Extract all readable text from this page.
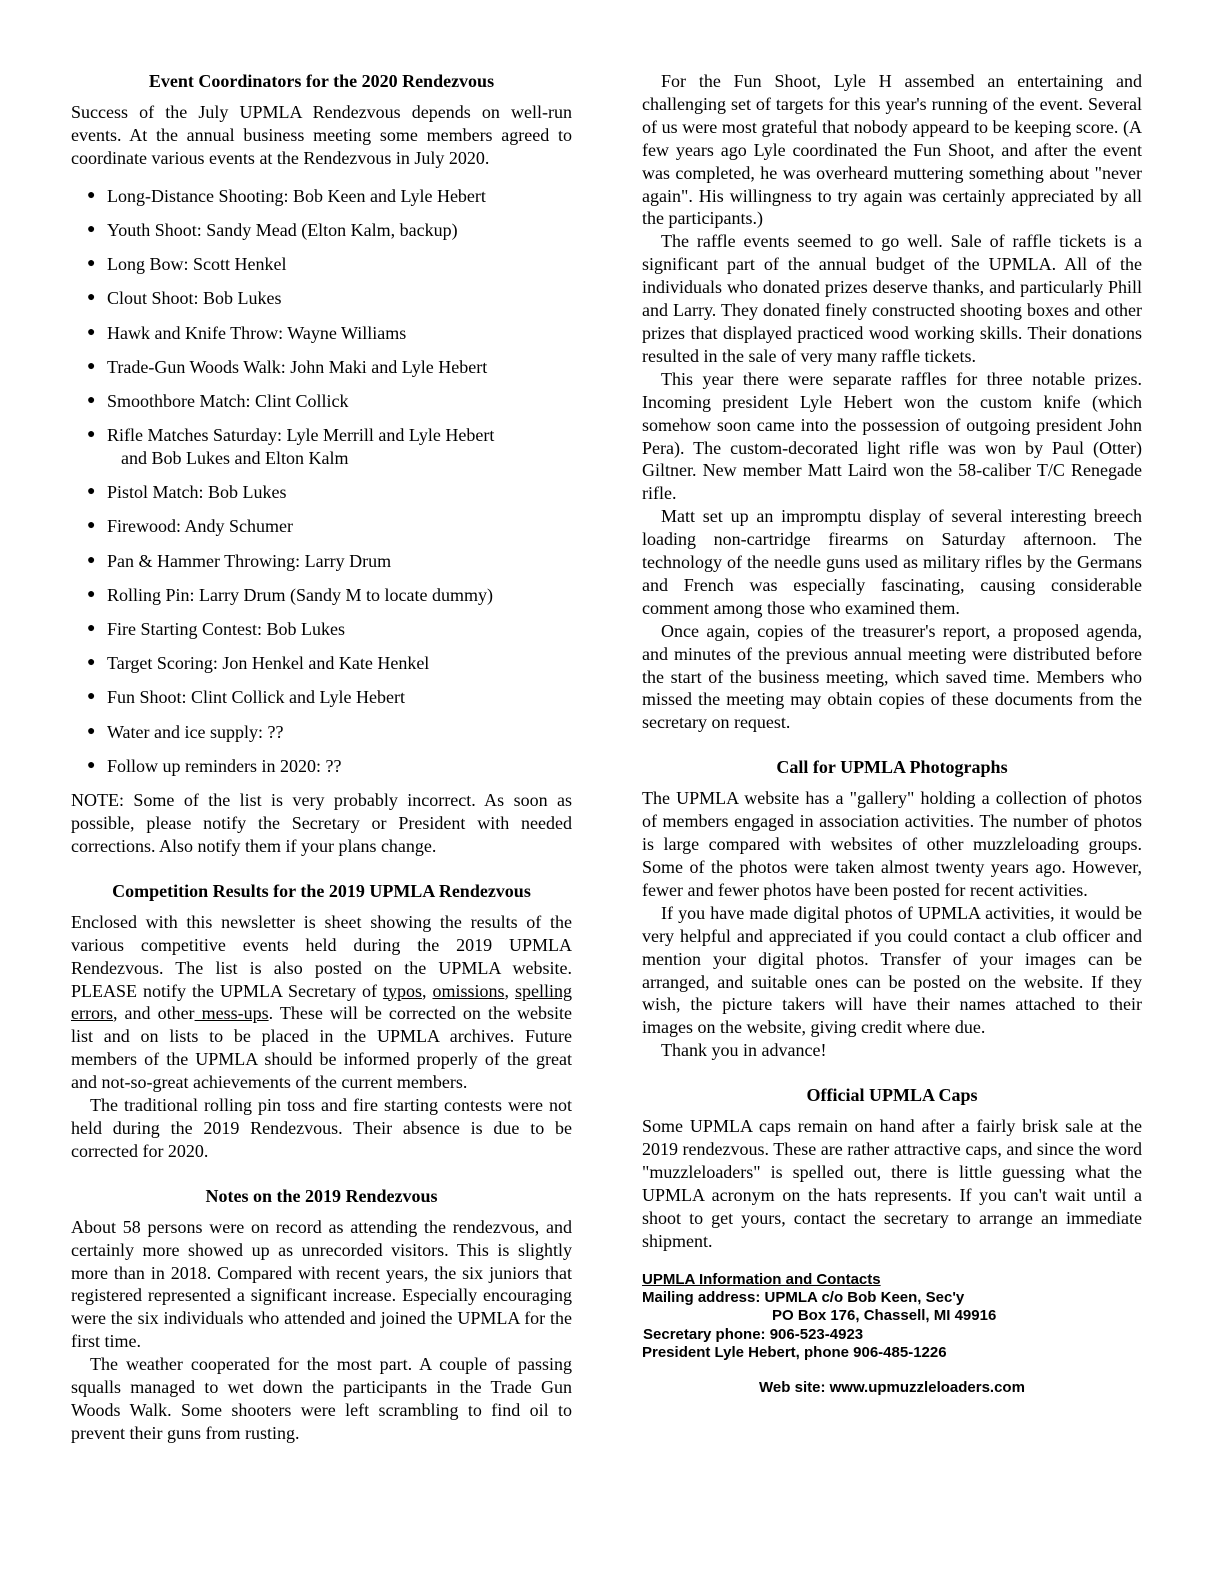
Event Coordinators for the 2020 Rendezvous

Success of the July UPMLA Rendezvous depends on well-run events. At the annual business meeting some members agreed to coordinate various events at the Rendezvous in July 2020.

● Long-Distance Shooting: Bob Keen and Lyle Hebert
● Youth Shoot: Sandy Mead (Elton Kalm, backup)
● Long Bow: Scott Henkel
● Clout Shoot: Bob Lukes
● Hawk and Knife Throw: Wayne Williams
● Trade-Gun Woods Walk: John Maki and Lyle Hebert
● Smoothbore Match: Clint Collick
● Rifle Matches Saturday: Lyle Merrill and Lyle Hebert
and Bob Lukes and Elton Kalm
● Pistol Match: Bob Lukes
● Firewood: Andy Schumer
● Pan & Hammer Throwing: Larry Drum
● Rolling Pin: Larry Drum (Sandy M to locate dummy)
● Fire Starting Contest: Bob Lukes
● Target Scoring: Jon Henkel and Kate Henkel
● Fun Shoot: Clint Collick and Lyle Hebert
● Water and ice supply: ??
● Follow up reminders in 2020: ??

NOTE: Some of the list is very probably incorrect. As soon as possible, please notify the Secretary or President with needed corrections. Also notify them if your plans change.

Competition Results for the 2019 UPMLA Rendezvous

Enclosed with this newsletter is sheet showing the results of the various competitive events held during the 2019 UPMLA Rendezvous. The list is also posted on the UPMLA website. PLEASE notify the UPMLA Secretary of typos, omissions, spelling errors, and other mess-ups. These will be corrected on the website list and on lists to be placed in the UPMLA archives. Future members of the UPMLA should be informed properly of the great and not-so-great achievements of the current members.

The traditional rolling pin toss and fire starting contests were not held during the 2019 Rendezvous. Their absence is due to be corrected for 2020.

Notes on the 2019 Rendezvous

About 58 persons were on record as attending the rendezvous, and certainly more showed up as unrecorded visitors. This is slightly more than in 2018. Compared with recent years, the six juniors that registered represented a significant increase. Especially encouraging were the six individuals who attended and joined the UPMLA for the first time.

The weather cooperated for the most part. A couple of passing squalls managed to wet down the participants in the Trade Gun Woods Walk. Some shooters were left scrambling to find oil to prevent their guns from rusting.

For the Fun Shoot, Lyle H assembed an entertaining and challenging set of targets for this year's running of the event. Several of us were most grateful that nobody appeard to be keeping score. (A few years ago Lyle coordinated the Fun Shoot, and after the event was completed, he was overheard muttering something about "never again". His willingness to try again was certainly appreciated by all the participants.)

The raffle events seemed to go well. Sale of raffle tickets is a significant part of the annual budget of the UPMLA. All of the individuals who donated prizes deserve thanks, and particularly Phill and Larry. They donated finely constructed shooting boxes and other prizes that displayed practiced wood working skills. Their donations resulted in the sale of very many raffle tickets.

This year there were separate raffles for three notable prizes. Incoming president Lyle Hebert won the custom knife (which somehow soon came into the possession of outgoing president John Pera). The custom-decorated light rifle was won by Paul (Otter) Giltner. New member Matt Laird won the 58-caliber T/C Renegade rifle.

Matt set up an impromptu display of several interesting breech loading non-cartridge firearms on Saturday afternoon. The technology of the needle guns used as military rifles by the Germans and French was especially fascinating, causing considerable comment among those who examined them.

Once again, copies of the treasurer's report, a proposed agenda, and minutes of the previous annual meeting were distributed before the start of the business meeting, which saved time. Members who missed the meeting may obtain copies of these documents from the secretary on request.

Call for UPMLA Photographs

The UPMLA website has a "gallery" holding a collection of photos of members engaged in association activities. The number of photos is large compared with websites of other muzzleloading groups. Some of the photos were taken almost twenty years ago. However, fewer and fewer photos have been posted for recent activities.

If you have made digital photos of UPMLA activities, it would be very helpful and appreciated if you could contact a club officer and mention your digital photos. Transfer of your images can be arranged, and suitable ones can be posted on the website. If they wish, the picture takers will have their names attached to their images on the website, giving credit where due.

Thank you in advance!

Official UPMLA Caps

Some UPMLA caps remain on hand after a fairly brisk sale at the 2019 rendezvous. These are rather attractive caps, and since the word "muzzleloaders" is spelled out, there is little guessing what the UPMLA acronym on the hats represents. If you can't wait until a shoot to get yours, contact the secretary to arrange an immediate shipment.

UPMLA Information and Contacts
Mailing address: UPMLA c/o Bob Keen, Sec'y
PO Box 176, Chassell, MI 49916
Secretary phone: 906-523-4923
President Lyle Hebert, phone 906-485-1226
Web site: www.upmuzzleloaders.com
